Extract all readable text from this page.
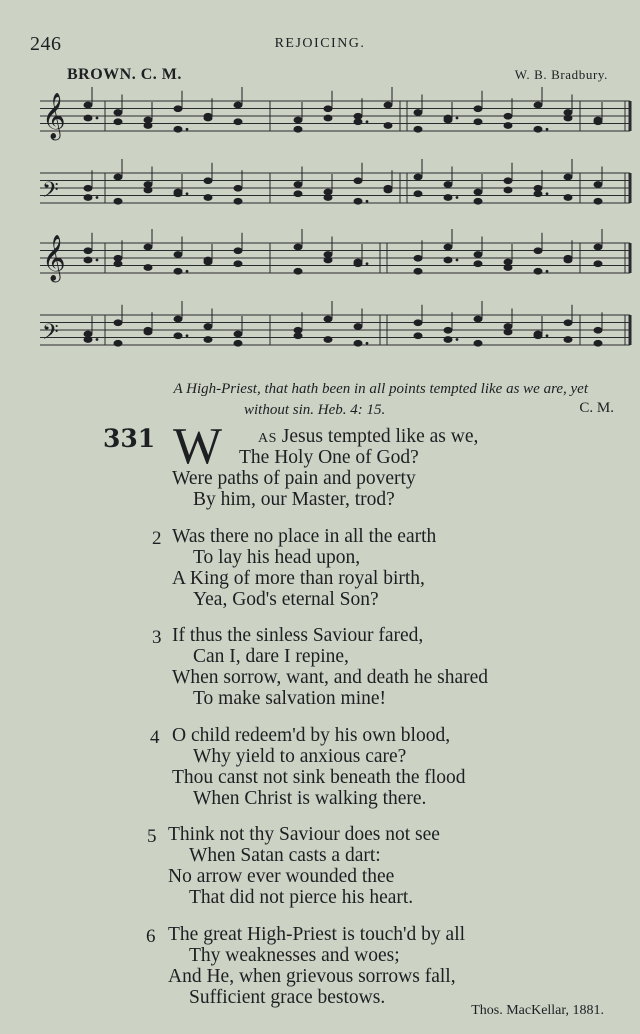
246	REJOICING.
BROWN. C. M.	W. B. Bradbury.
𝄞
𝄢
𝄞
𝄢
A High-Priest, that hath been in all points tempted like as we are, yet
without sin. Heb. 4: 15.	C. M.
331 W	AS Jesus tempted like as we,
The Holy One of God?
Were paths of pain and poverty
By him, our Master, trod?
2 Was there no place in all the earth
To lay his head upon,
A King of more than royal birth,
Yea, God's eternal Son?
3 If thus the sinless Saviour fared,
Can I, dare I repine,
When sorrow, want, and death he shared
To make salvation mine!
4 O child redeem'd by his own blood,
Why yield to anxious care?
Thou canst not sink beneath the flood
When Christ is walking there.
5 Think not thy Saviour does not see
When Satan casts a dart:
No arrow ever wounded thee
That did not pierce his heart.
6 The great High-Priest is touch'd by all
Thy weaknesses and woes;
And He, when grievous sorrows fall,
Sufficient grace bestows.
Thos. MacKellar, 1881.
